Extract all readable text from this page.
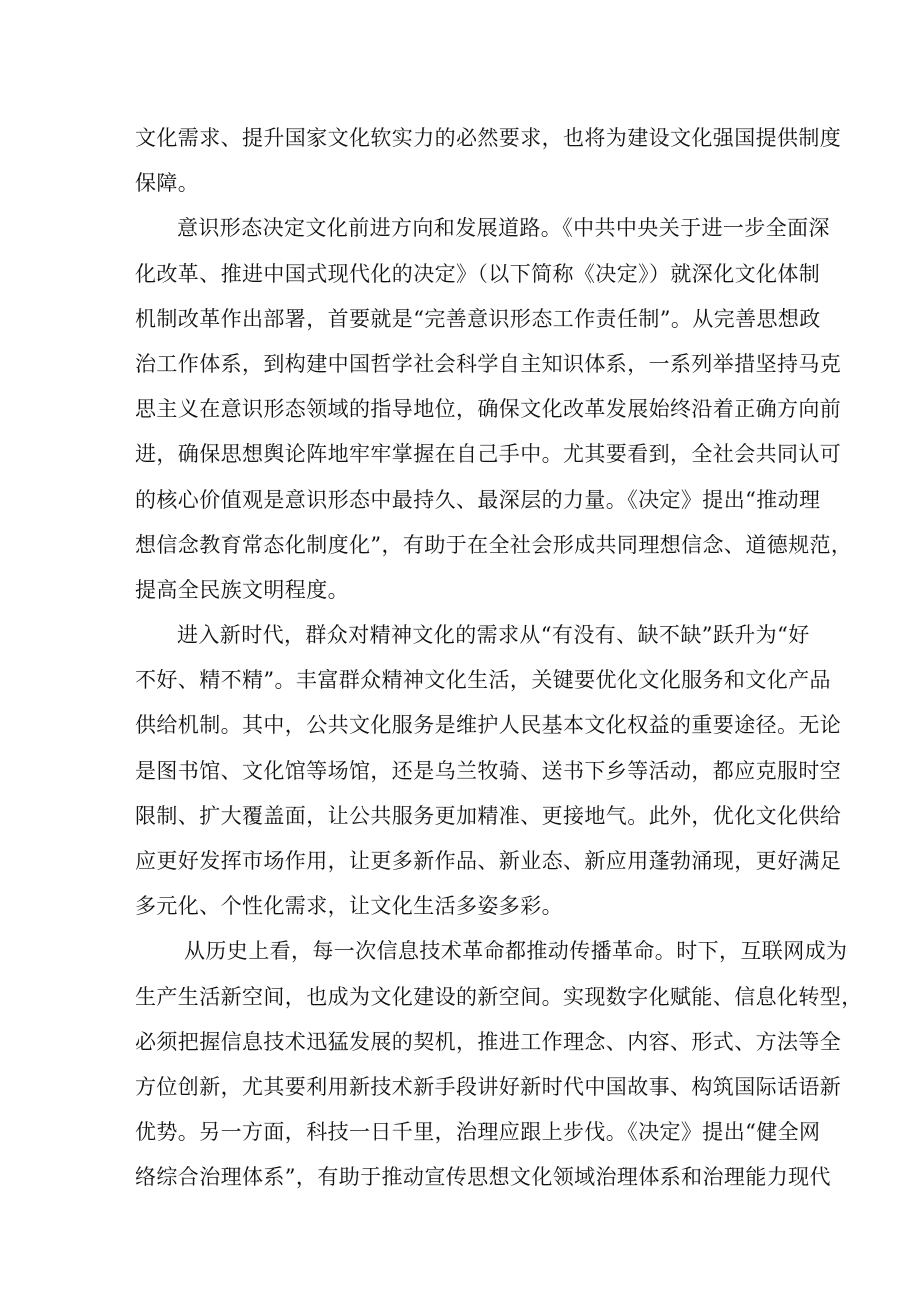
文化需求、提升国家文化软实力的必然要求，也将为建设文化强国提供制度
保障。
意识形态决定文化前进方向和发展道路。《中共中央关于进一步全面深
化改革、推进中国式现代化的决定》（以下简称《决定》）就深化文化体制
机制改革作出部署，首要就是“完善意识形态工作责任制”。从完善思想政
治工作体系，到构建中国哲学社会科学自主知识体系，一系列举措坚持马克
思主义在意识形态领域的指导地位，确保文化改革发展始终沿着正确方向前
进，确保思想舆论阵地牢牢掌握在自己手中。尤其要看到，全社会共同认可
的核心价值观是意识形态中最持久、最深层的力量。《决定》提出“推动理
想信念教育常态化制度化”，有助于在全社会形成共同理想信念、道德规范，
提高全民族文明程度。
进入新时代，群众对精神文化的需求从“有没有、缺不缺”跃升为“好
不好、精不精”。丰富群众精神文化生活，关键要优化文化服务和文化产品
供给机制。其中，公共文化服务是维护人民基本文化权益的重要途径。无论
是图书馆、文化馆等场馆，还是乌兰牧骑、送书下乡等活动，都应克服时空
限制、扩大覆盖面，让公共服务更加精准、更接地气。此外，优化文化供给
应更好发挥市场作用，让更多新作品、新业态、新应用蓬勃涌现，更好满足
多元化、个性化需求，让文化生活多姿多彩。
从历史上看，每一次信息技术革命都推动传播革命。时下，互联网成为
生产生活新空间，也成为文化建设的新空间。实现数字化赋能、信息化转型，
必须把握信息技术迅猛发展的契机，推进工作理念、内容、形式、方法等全
方位创新，尤其要利用新技术新手段讲好新时代中国故事、构筑国际话语新
优势。另一方面，科技一日千里，治理应跟上步伐。《决定》提出“健全网
络综合治理体系”，有助于推动宣传思想文化领域治理体系和治理能力现代
